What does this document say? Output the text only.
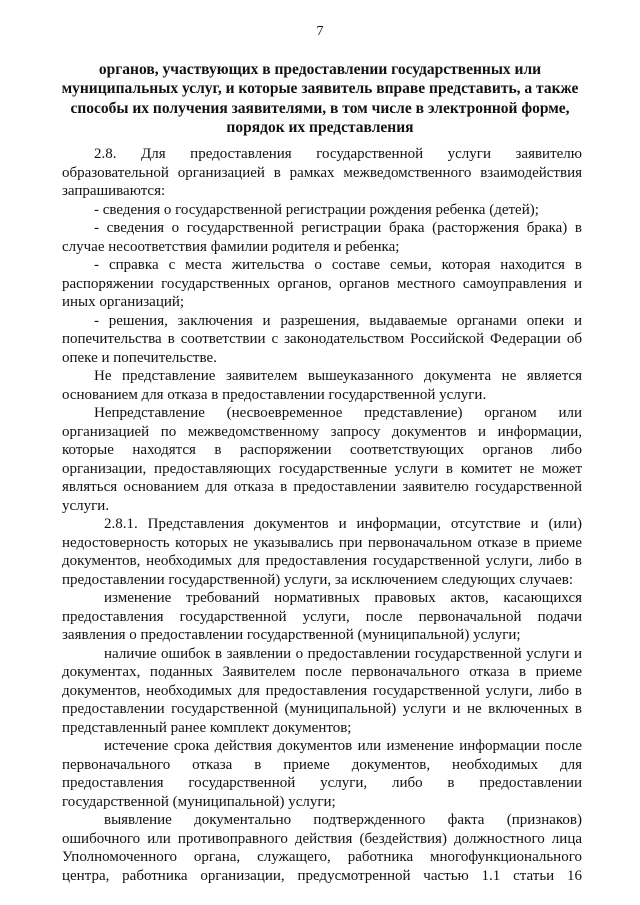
7
органов, участвующих в предоставлении государственных или
муниципальных услуг, и которые заявитель вправе представить, а также
способы их получения заявителями, в том числе в электронной форме,
порядок их представления
2.8. Для предоставления государственной услуги заявителю
образовательной организацией в рамках межведомственного взаимодействия
запрашиваются:
- сведения о государственной регистрации рождения ребенка (детей);
- сведения о государственной регистрации брака (расторжения брака) в
случае несоответствия фамилии родителя и ребенка;
- справка с места жительства о составе семьи, которая находится в
распоряжении государственных органов, органов местного самоуправления и
иных организаций;
- решения, заключения и разрешения, выдаваемые органами опеки и
попечительства в соответствии с законодательством Российской Федерации об
опеке и попечительстве.
Не представление заявителем вышеуказанного документа не является
основанием для отказа в предоставлении государственной услуги.
Непредставление (несвоевременное представление) органом или
организацией по межведомственному запросу документов и информации,
которые находятся в распоряжении соответствующих органов либо
организации, предоставляющих государственные услуги в комитет не может
являться основанием для отказа в предоставлении заявителю государственной
услуги.
2.8.1. Представления документов и информации, отсутствие и (или)
недостоверность которых не указывались при первоначальном отказе в приеме
документов, необходимых для предоставления государственной услуги, либо в
предоставлении государственной) услуги, за исключением следующих случаев:
изменение требований нормативных правовых актов, касающихся
предоставления государственной услуги, после первоначальной подачи
заявления о предоставлении государственной (муниципальной) услуги;
наличие ошибок в заявлении о предоставлении государственной услуги и
документах, поданных Заявителем после первоначального отказа в приеме
документов, необходимых для предоставления государственной услуги, либо в
предоставлении государственной (муниципальной) услуги и не включенных в
представленный ранее комплект документов;
истечение срока действия документов или изменение информации после
первоначального отказа в приеме документов, необходимых для
предоставления государственной услуги, либо в предоставлении
государственной (муниципальной) услуги;
выявление документально подтвержденного факта (признаков)
ошибочного или противоправного действия (бездействия) должностного лица
Уполномоченного органа, служащего, работника многофункционального
центра, работника организации, предусмотренной частью 1.1 статьи 16
